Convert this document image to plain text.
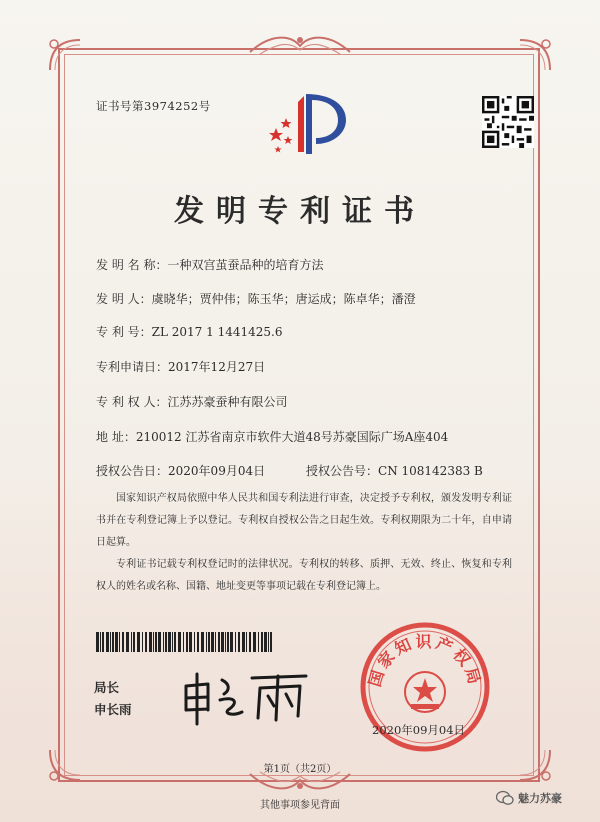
证书号第3974252号
发明专利证书
发 明 名 称：一种双宫茧蚕品种的培育方法
发 明 人：虞晓华；贾仲伟；陈玉华；唐运成；陈卓华；潘澄
专 利 号：ZL 2017 1 1441425.6
专利申请日：2017年12月27日
专 利 权 人：江苏苏豪蚕种有限公司
地 址：210012 江苏省南京市软件大道48号苏豪国际广场A座404
授权公告日：2020年09月04日	授权公告号：CN 108142383 B
国家知识产权局依照中华人民共和国专利法进行审查，决定授予专利权，颁发发明专利证书并在专利登记簿上予以登记。专利权自授权公告之日起生效。专利权期限为二十年，自申请日起算。
专利证书记载专利权登记时的法律状况。专利权的转移、质押、无效、终止、恢复和专利权人的姓名或名称、国籍、地址变更等事项记载在专利登记簿上。
局长
申长雨
国家知识产权局
2020年09月04日
第1页（共2页）
其他事项参见背面
魅力苏豪
